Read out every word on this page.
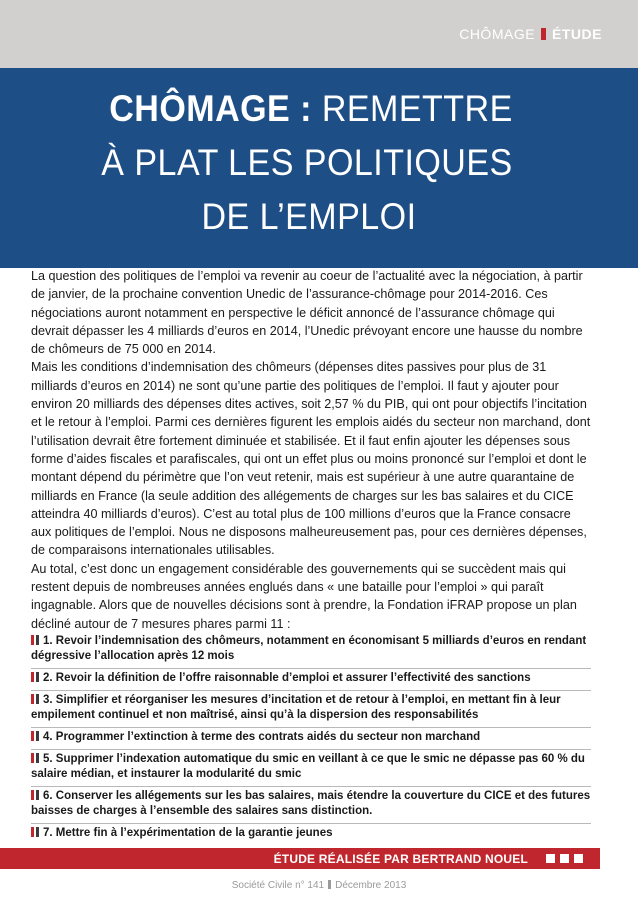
CHÔMAGE ÉTUDE
CHÔMAGE : REMETTRE
À PLAT LES POLITIQUES
DE L’EMPLOI

La question des politiques de l’emploi va revenir au coeur de l’actualité avec la négociation, à partir de janvier, de la prochaine convention Unedic de l’assurance-chômage pour 2014-2016. Ces négociations auront notamment en perspective le déficit annoncé de l’assurance chômage qui devrait dépasser les 4 milliards d’euros en 2014, l’Unedic prévoyant encore une hausse du nombre de chômeurs de 75 000 en 2014.

Mais les conditions d’indemnisation des chômeurs (dépenses dites passives pour plus de 31 milliards d’euros en 2014) ne sont qu’une partie des politiques de l’emploi. Il faut y ajouter pour environ 20 milliards des dépenses dites actives, soit 2,57 % du PIB, qui ont pour objectifs l’incitation et le retour à l’emploi. Parmi ces dernières figurent les emplois aidés du secteur non marchand, dont l’utilisation devrait être fortement diminuée et stabilisée. Et il faut enfin ajouter les dépenses sous forme d’aides fiscales et parafiscales, qui ont un effet plus ou moins prononcé sur l’emploi et dont le montant dépend du périmètre que l’on veut retenir, mais est supérieur à une autre quarantaine de milliards en France (la seule addition des allégements de charges sur les bas salaires et du CICE atteindra 40 milliards d’euros). C’est au total plus de 100 millions d’euros que la France consacre aux politiques de l’emploi. Nous ne disposons malheureusement pas, pour ces dernières dépenses, de comparaisons internationales utilisables.

Au total, c’est donc un engagement considérable des gouvernements qui se succèdent mais qui restent depuis de nombreuses années englués dans « une bataille pour l’emploi » qui paraît ingagnable. Alors que de nouvelles décisions sont à prendre, la Fondation iFRAP propose un plan décliné autour de 7 mesures phares parmi 11 :

1. Revoir l’indemnisation des chômeurs, notamment en économisant 5 milliards d’euros en rendant dégressive l’allocation après 12 mois
2. Revoir la définition de l’offre raisonnable d’emploi et assurer l’effectivité des sanctions
3. Simplifier et réorganiser les mesures d’incitation et de retour à l’emploi, en mettant fin à leur empilement continuel et non maîtrisé, ainsi qu’à la dispersion des responsabilités
4. Programmer l’extinction à terme des contrats aidés du secteur non marchand
5. Supprimer l’indexation automatique du smic en veillant à ce que le smic ne dépasse pas 60 % du salaire médian, et instaurer la modularité du smic
6. Conserver les allégements sur les bas salaires, mais étendre la couverture du CICE et des futures baisses de charges à l’ensemble des salaires sans distinction.
7. Mettre fin à l’expérimentation de la garantie jeunes
ÉTUDE RÉALISÉE PAR BERTRAND NOUEL
Société Civile n° 141 Décembre 2013
